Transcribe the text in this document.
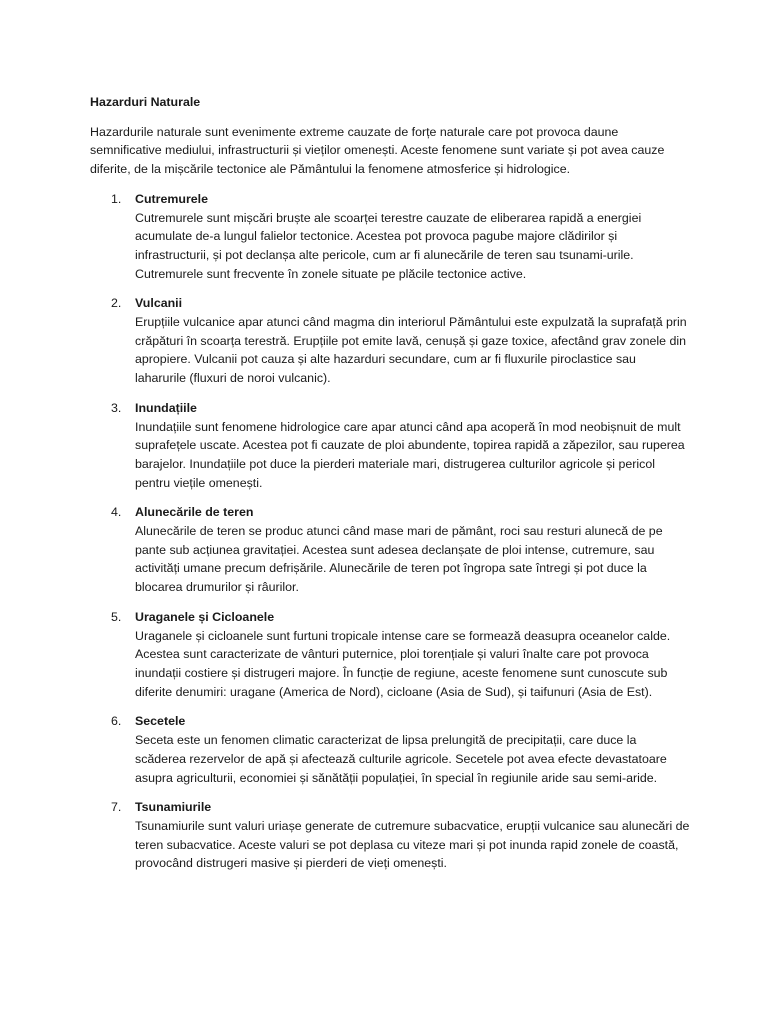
Hazarduri Naturale
Hazardurile naturale sunt evenimente extreme cauzate de forțe naturale care pot provoca daune semnificative mediului, infrastructurii și vieților omenești. Aceste fenomene sunt variate și pot avea cauze diferite, de la mișcările tectonice ale Pământului la fenomene atmosferice și hidrologice.
1. Cutremurele
Cutremurele sunt mișcări bruște ale scoarței terestre cauzate de eliberarea rapidă a energiei acumulate de-a lungul falielor tectonice. Acestea pot provoca pagube majore clădirilor și infrastructurii, și pot declanșa alte pericole, cum ar fi alunecările de teren sau tsunami-urile. Cutremurele sunt frecvente în zonele situate pe plăcile tectonice active.
2. Vulcanii
Erupțiile vulcanice apar atunci când magma din interiorul Pământului este expulzată la suprafață prin crăpături în scoarța terestră. Erupțiile pot emite lavă, cenușă și gaze toxice, afectând grav zonele din apropiere. Vulcanii pot cauza și alte hazarduri secundare, cum ar fi fluxurile piroclastice sau laharurile (fluxuri de noroi vulcanic).
3. Inundațiile
Inundațiile sunt fenomene hidrologice care apar atunci când apa acoperă în mod neobișnuit de mult suprafețele uscate. Acestea pot fi cauzate de ploi abundente, topirea rapidă a zăpezilor, sau ruperea barajelor. Inundațiile pot duce la pierderi materiale mari, distrugerea culturilor agricole și pericol pentru viețile omenești.
4. Alunecările de teren
Alunecările de teren se produc atunci când mase mari de pământ, roci sau resturi alunecă de pe pante sub acțiunea gravitației. Acestea sunt adesea declanșate de ploi intense, cutremure, sau activități umane precum defrișările. Alunecările de teren pot îngropa sate întregi și pot duce la blocarea drumurilor și râurilor.
5. Uraganele și Cicloanele
Uraganele și cicloanele sunt furtuni tropicale intense care se formează deasupra oceanelor calde. Acestea sunt caracterizate de vânturi puternice, ploi torențiale și valuri înalte care pot provoca inundații costiere și distrugeri majore. În funcție de regiune, aceste fenomene sunt cunoscute sub diferite denumiri: uragane (America de Nord), cicloane (Asia de Sud), și taifunuri (Asia de Est).
6. Secetele
Seceta este un fenomen climatic caracterizat de lipsa prelungită de precipitații, care duce la scăderea rezervelor de apă și afectează culturile agricole. Secetele pot avea efecte devastatoare asupra agriculturii, economiei și sănătății populației, în special în regiunile aride sau semi-aride.
7. Tsunamiurile
Tsunamiurile sunt valuri uriașe generate de cutremure subacvatice, erupții vulcanice sau alunecări de teren subacvatice. Aceste valuri se pot deplasa cu viteze mari și pot inunda rapid zonele de coastă, provocând distrugeri masive și pierderi de vieți omenești.
